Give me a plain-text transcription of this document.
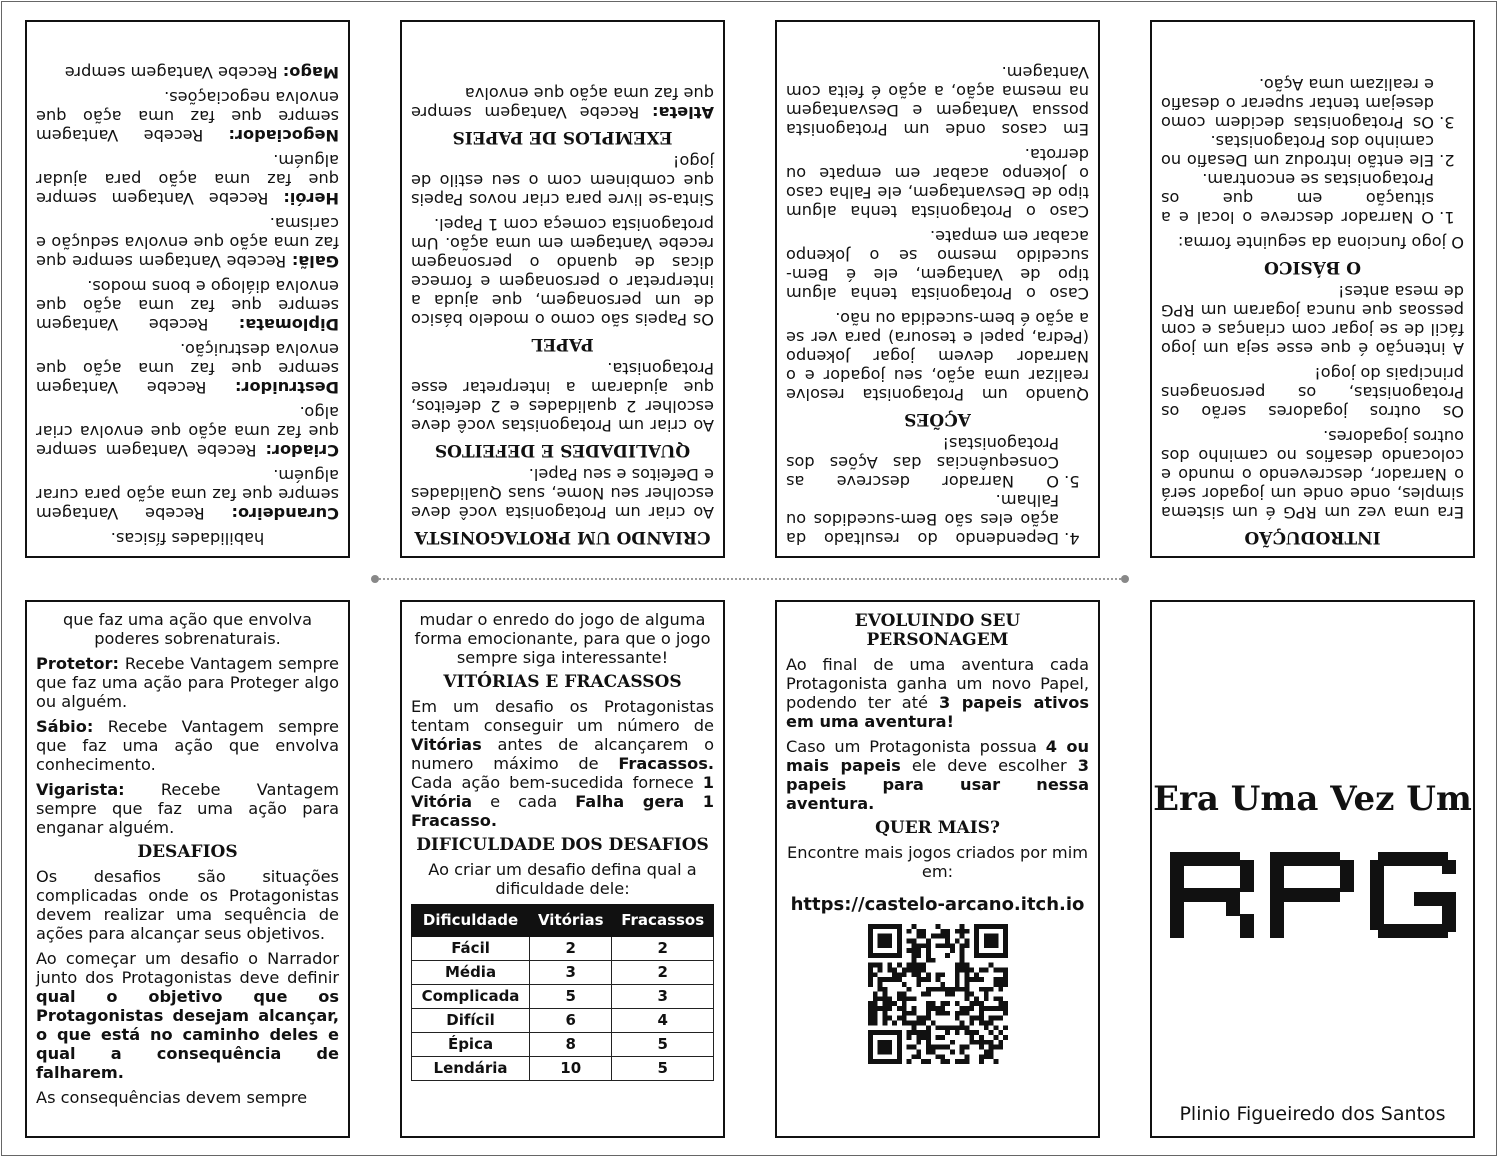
INTRODUÇÃO

Era uma vez um RPG é um sistema simples, onde onde um jogador será o Narrador, descrevendo o mundo e colocando desafios no caminho dos outros jogadores.

Os outros jogadores serão os Protagonistas, os personagens principais do jogo!

A intenção é que esse seja um jogo fácil de se jogar com crianças e com pessoas que nunca jogaram um RPG de mesa antes!

O BÁSICO

O jogo funciona da seguinte forma:

1. O Narrador descreve o local e a situação em que os Protagonistas se encontram.
2. Ele então introduz um Desafio no caminho dos Protagonistas.
3. Os Protagonistas decidem como desejam tentar superar o desafio e realizam uma Ação.
4. Dependendo do resultado da ação eles são Bem-sucedidos ou Falham.
5. O Narrador descreve as Consequências das Ações dos Protagonistas!
AÇÕES

Quando um Protagonista resolve realizar uma ação, seu jogador e o Narrador devem jogar Jokenpo (Pedra, papel e tesoura) para ver se a ação é bem-sucedida ou não.

Caso o Protagonista tenha algum tipo de Vantagem, ele é Bem-sucedido mesmo se o Jokenpo acabar em empate.

Caso o Protagonista tenha algum tipo de Desvantagem, ele Falha caso o Jokenpo acabar em empate ou derrota.

Em casos onde um Protagonista possua Vantagem e Desvantagem na mesma ação, a ação é feita com Vantagem.

CRIANDO UM PROTAGONISTA

Ao criar um Protagonista você deve escolher seu Nome, suas Qualidades e Defeitos e seu Papel.

QUALIDADES E DEFEITOS

Ao criar um Protagonistas você deve escolher 2 qualidades e 2 defeitos, que ajudaram a interpretar esse Protagonista.

PAPEL

Os Papeis são como o modelo básico de um personagem, que ajuda a interpretar o personagem e fornece dicas de quando o personagem recebe Vantagem em uma ação. Um protagonista começa com 1 Papel.

Sinta-se livre para criar novos Papeis que combinem com o seu estilo de jogo!

EXEMPLOS DE PAPEIS

Atleta: Recebe Vantagem sempre que faz uma ação que envolva

habilidades físicas.

Curandeiro: Recebe Vantagem sempre que faz uma ação para curar alguém.

Criador: Recebe Vantagem sempre que faz uma ação que envolva criar algo.

Destruidor: Recebe Vantagem sempre que faz uma ação que envolva destruição.

Diplomata: Recebe Vantagem sempre que faz uma ação que envolva diálogo e bons modos.

Galã: Recebe Vantagem sempre que faz uma ação que envolva sedução e carisma.

Herói: Recebe Vantagem sempre que faz uma ação para ajudar alguém.

Negociador: Recebe Vantagem sempre que faz uma ação que envolva negociações.

Mago: Recebe Vantagem sempre

que faz uma ação que envolva poderes sobrenaturais.

Protetor: Recebe Vantagem sempre que faz uma ação para Proteger algo ou alguém.

Sábio: Recebe Vantagem sempre que faz uma ação que envolva conhecimento.

Vigarista: Recebe Vantagem sempre que faz uma ação para enganar alguém.

DESAFIOS

Os desafios são situações complicadas onde os Protagonistas devem realizar uma sequência de ações para alcançar seus objetivos.

Ao começar um desafio o Narrador junto dos Protagonistas deve definir qual o objetivo que os Protagonistas desejam alcançar, o que está no caminho deles e qual a consequência de falharem.

As consequências devem sempre

mudar o enredo do jogo de alguma forma emocionante, para que o jogo sempre siga interessante!

VITÓRIAS E FRACASSOS

Em um desafio os Protagonistas tentam conseguir um número de Vitórias antes de alcançarem o numero máximo de Fracassos. Cada ação bem-sucedida fornece 1 Vitória e cada Falha gera 1 Fracasso.

DIFICULDADE DOS DESAFIOS

Ao criar um desafio defina qual a dificuldade dele:

Dificuldade	Vitórias	Fracassos
Fácil	2	2
Média	3	2
Complicada	5	3
Difícil	6	4
Épica	8	5
Lendária	10	5
EVOLUINDO SEU PERSONAGEM

Ao final de uma aventura cada Protagonista ganha um novo Papel, podendo ter até 3 papeis ativos em uma aventura!

Caso um Protagonista possua 4 ou mais papeis ele deve escolher 3 papeis para usar nessa aventura.

QUER MAIS?

Encontre mais jogos criados por mim em:

https://castelo-arcano.itch.io
Era Uma Vez Um
Plinio Figueiredo dos Santos
